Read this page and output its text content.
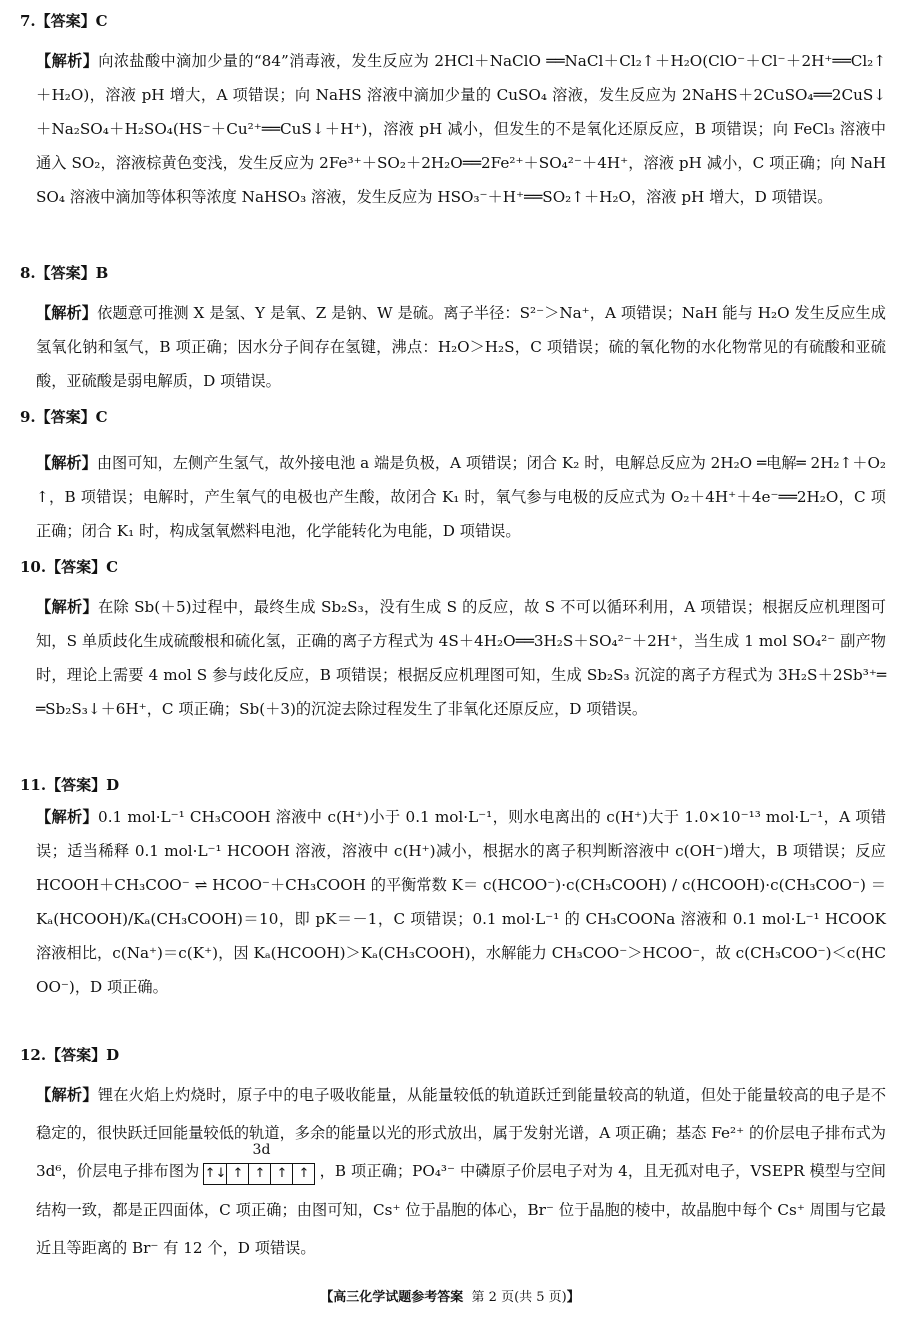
7.【答案】C
【解析】向浓盐酸中滴加少量的“84”消毒液，发生反应为 2HCl＋NaClO ══NaCl＋Cl₂↑＋H₂O(ClO⁻＋Cl⁻＋2H⁺══Cl₂↑＋H₂O)，溶液 pH 增大，A 项错误；向 NaHS 溶液中滴加少量的 CuSO₄ 溶液，发生反应为 2NaHS＋2CuSO₄══2CuS↓＋Na₂SO₄＋H₂SO₄(HS⁻＋Cu²⁺══CuS↓＋H⁺)，溶液 pH 减小，但发生的不是氧化还原反应，B 项错误；向 FeCl₃ 溶液中通入 SO₂，溶液棕黄色变浅，发生反应为 2Fe³⁺＋SO₂＋2H₂O══2Fe²⁺＋SO₄²⁻＋4H⁺，溶液 pH 减小，C 项正确；向 NaHSO₄ 溶液中滴加等体积等浓度 NaHSO₃ 溶液，发生反应为 HSO₃⁻＋H⁺══SO₂↑＋H₂O，溶液 pH 增大，D 项错误。
8.【答案】B
【解析】依题意可推测 X 是氢、Y 是氧、Z 是钠、W 是硫。离子半径：S²⁻＞Na⁺，A 项错误；NaH 能与 H₂O 发生反应生成氢氧化钠和氢气，B 项正确；因水分子间存在氢键，沸点：H₂O＞H₂S，C 项错误；硫的氧化物的水化物常见的有硫酸和亚硫酸，亚硫酸是弱电解质，D 项错误。
9.【答案】C
【解析】由图可知，左侧产生氢气，故外接电池 a 端是负极，A 项错误；闭合 K₂ 时，电解总反应为 2H₂O ═电解═ 2H₂↑＋O₂↑，B 项错误；电解时，产生氧气的电极也产生酸，故闭合 K₁ 时，氧气参与电极的反应式为 O₂＋4H⁺＋4e⁻══2H₂O，C 项正确；闭合 K₁ 时，构成氢氧燃料电池，化学能转化为电能，D 项错误。
10.【答案】C
【解析】在除 Sb(＋5)过程中，最终生成 Sb₂S₃，没有生成 S 的反应，故 S 不可以循环利用，A 项错误；根据反应机理图可知，S 单质歧化生成硫酸根和硫化氢，正确的离子方程式为 4S＋4H₂O══3H₂S＋SO₄²⁻＋2H⁺，当生成 1 mol SO₄²⁻ 副产物时，理论上需要 4 mol S 参与歧化反应，B 项错误；根据反应机理图可知，生成 Sb₂S₃ 沉淀的离子方程式为 3H₂S＋2Sb³⁺══Sb₂S₃↓＋6H⁺，C 项正确；Sb(＋3)的沉淀去除过程发生了非氧化还原反应，D 项错误。
11.【答案】D
【解析】0.1 mol·L⁻¹ CH₃COOH 溶液中 c(H⁺)小于 0.1 mol·L⁻¹，则水电离出的 c(H⁺)大于 1.0×10⁻¹³ mol·L⁻¹，A 项错误；适当稀释 0.1 mol·L⁻¹ HCOOH 溶液，溶液中 c(H⁺)减小，根据水的离子积判断溶液中 c(OH⁻)增大，B 项错误；反应 HCOOH＋CH₃COO⁻ ⇌ HCOO⁻＋CH₃COOH 的平衡常数 K＝ c(HCOO⁻)·c(CH₃COOH) / c(HCOOH)·c(CH₃COO⁻) ＝Kₐ(HCOOH)/Kₐ(CH₃COOH)＝10，即 pK＝－1，C 项错误；0.1 mol·L⁻¹ 的 CH₃COONa 溶液和 0.1 mol·L⁻¹ HCOOK 溶液相比，c(Na⁺)＝c(K⁺)，因 Kₐ(HCOOH)＞Kₐ(CH₃COOH)，水解能力 CH₃COO⁻＞HCOO⁻，故 c(CH₃COO⁻)＜c(HCOO⁻)，D 项正确。
12.【答案】D
【解析】锂在火焰上灼烧时，原子中的电子吸收能量，从能量较低的轨道跃迁到能量较高的轨道，但处于能量较高的电子是不稳定的，很快跃迁回能量较低的轨道，多余的能量以光的形式放出，属于发射光谱，A 项正确；基态 Fe²⁺ 的价层电子排布式为 3d⁶，价层电子排布图为
3d
↑↓ ↑ ↑ ↑ ↑ ，B 项正确；PO₄³⁻ 中磷原子价层电子对为 4，且无孤对电子，VSEPR 模型与空间结构一致，都是正四面体，C 项正确；由图可知，Cs⁺ 位于晶胞的体心，Br⁻ 位于晶胞的棱中，故晶胞中每个 Cs⁺ 周围与它最近且等距离的 Br⁻ 有 12 个，D 项错误。
【高三化学试题参考答案 第 2 页(共 5 页)】
